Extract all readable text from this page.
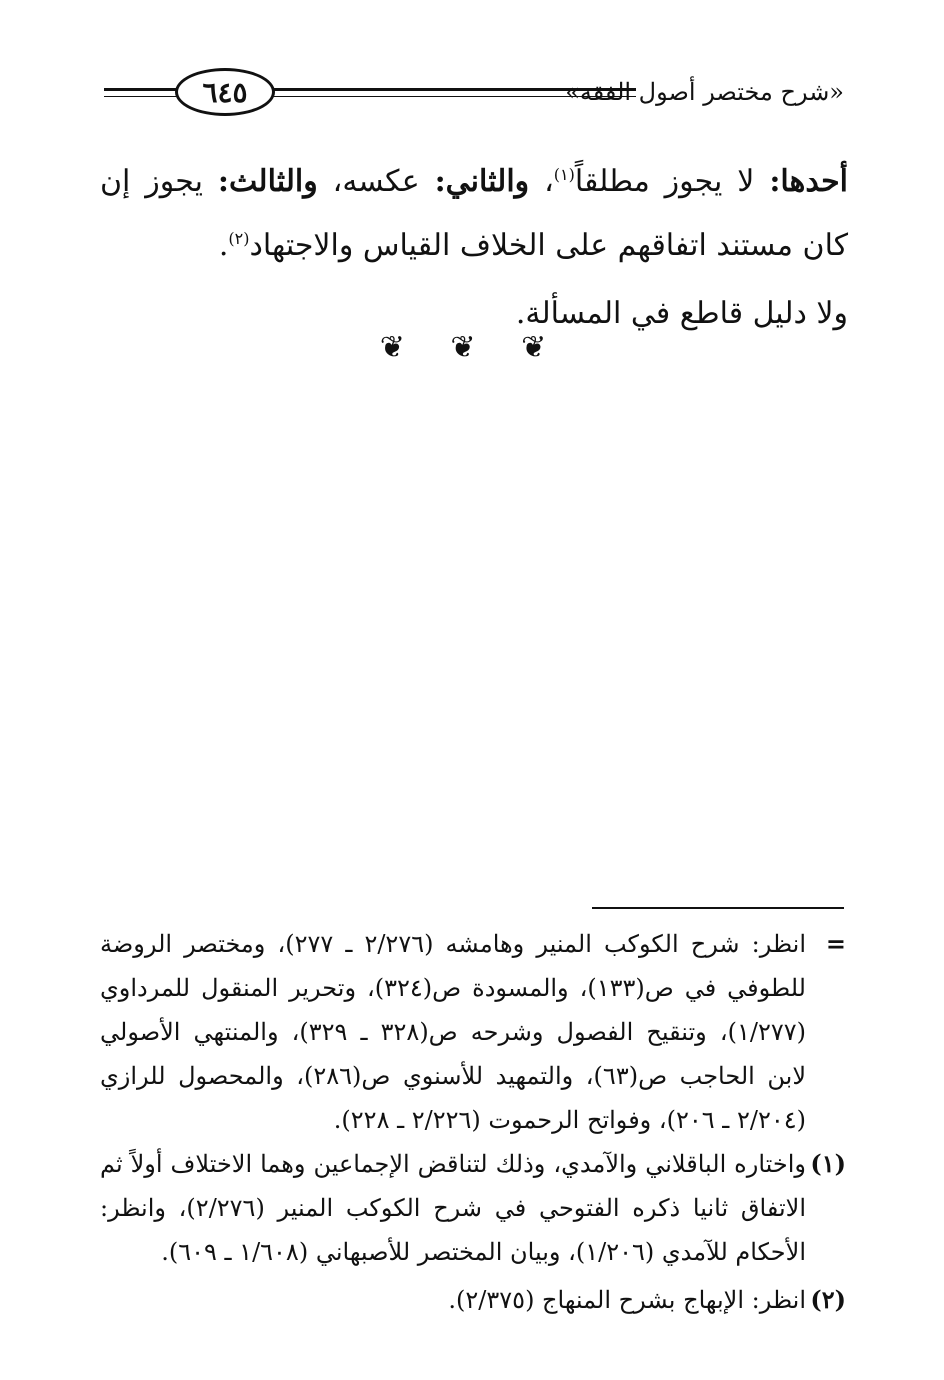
٦٤٥	«شرح مختصر أصول الفقه»

أحدها: لا يجوز مطلقاً$^{(١)}$، والثاني: عكسه، والثالث: يجوز إن كان مستند اتفاقهم على الخلاف القياس والاجتهاد$^{(٢)}$.

ولا دليل قاطع في المسألة.

❦ ❦ ❦
=
انظر: شرح الكوكب المنير وهامشه (٢/٢٧٦ ـ ٢٧٧)، ومختصر الروضة للطوفي في ص(١٣٣)، والمسودة ص(٣٢٤)، وتحرير المنقول للمرداوي (١/٢٧٧)، وتنقيح الفصول وشرحه ص(٣٢٨ ـ ٣٢٩)، والمنتهي الأصولي لابن الحاجب ص(٦٣)، والتمهيد للأسنوي ص(٢٨٦)، والمحصول للرازي (٢/٢٠٤ ـ ٢٠٦)، وفواتح الرحموت (٢/٢٢٦ ـ ٢٢٨).
(١)
واختاره الباقلاني والآمدي، وذلك لتناقض الإجماعين وهما الاختلاف أولاً ثم الاتفاق ثانيا ذكره الفتوحي في شرح الكوكب المنير (٢/٢٧٦)، وانظر: الأحكام للآمدي (١/٢٠٦)، وبيان المختصر للأصبهاني (١/٦٠٨ ـ ٦٠٩).
(٢)
انظر: الإبهاج بشرح المنهاج (٢/٣٧٥).
